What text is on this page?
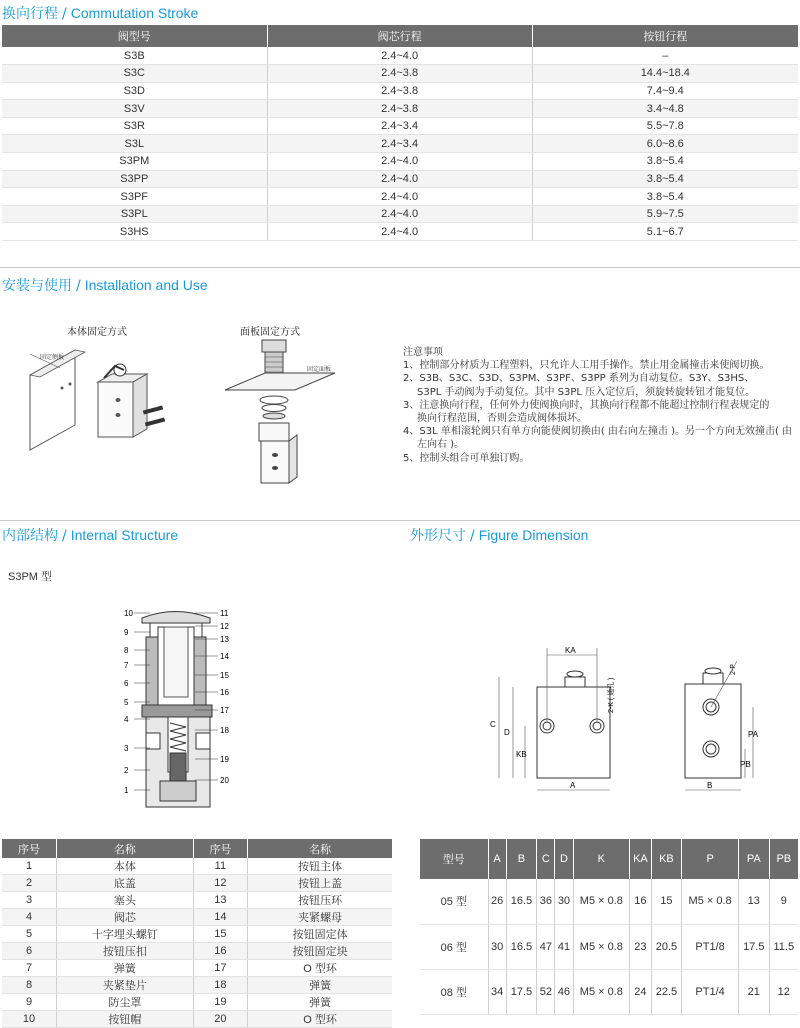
换向行程 / Commutation Stroke
阀型号	阀芯行程	按钮行程
S3B	2.4~4.0	–
S3C	2.4~3.8	14.4~18.4
S3D	2.4~3.8	7.4~9.4
S3V	2.4~3.8	3.4~4.8
S3R	2.4~3.4	5.5~7.8
S3L	2.4~3.4	6.0~8.6
S3PM	2.4~4.0	3.8~5.4
S3PP	2.4~4.0	3.8~5.4
S3PF	2.4~4.0	3.8~5.4
S3PL	2.4~4.0	5.9~7.5
S3HS	2.4~4.0	5.1~6.7
安装与使用 / Installation and Use
本体固定方式	面板固定方式
固定侧板
固定面板
注意事项
1、控制部分材质为工程塑料，只允许人工用手操作。禁止用金属撞击来使阀切换。
2、S3B、S3C、S3D、S3PM、S3PF、S3PP 系列为自动复位。S3Y、S3HS、
S3PL 手动阀为手动复位。其中 S3PL 压入定位后，须旋转旋转钮才能复位。
3、注意换向行程，任何外力使阀换向时，其换向行程都不能超过控制行程表规定的
换向行程范围，否则会造成阀体损坏。
4、S3L 单相滚轮阀只有单方向能使阀切换由( 由右向左撞击 )。另一个方向无效撞击( 由
左向右 )。
5、控制头组合可单独订购。
内部结构 / Internal Structure	外形尺寸 / Figure Dimension
S3PM 型
10
9
8
7
6
5
4
3
2
1
11
12
13
14
15
16
17
18
19
20
KA
C
D
KB
A
2-K ( 通孔 )
2-P
PA
PB
B
序号	名称	序号	名称
1	本体	11	按钮主体
2	底盖	12	按钮上盖
3	塞头	13	按钮压环
4	阀芯	14	夹紧螺母
5	十字埋头螺钉	15	按钮固定体
6	按钮压扣	16	按钮固定块
7	弹簧	17	O 型环
8	夹紧垫片	18	弹簧
9	防尘罩	19	弹簧
10	按钮帽	20	O 型环
型号	A	B	C	D	K	KA	KB	P	PA	PB
05 型	26	16.5	36	30	M5 × 0.8	16	15	M5 × 0.8	13	9
06 型	30	16.5	47	41	M5 × 0.8	23	20.5	PT1/8	17.5	11.5
08 型	34	17.5	52	46	M5 × 0.8	24	22.5	PT1/4	21	12
